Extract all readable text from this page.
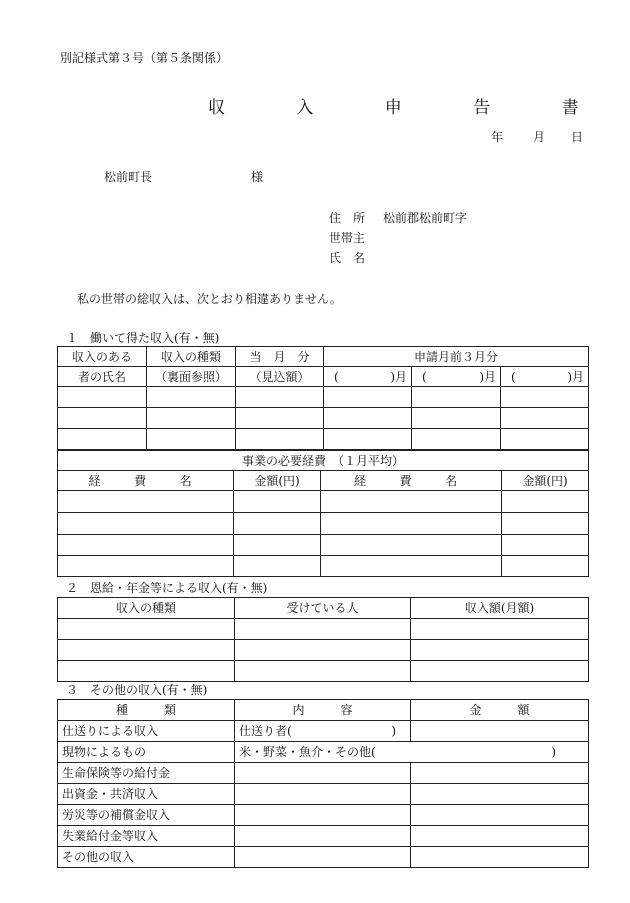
別記様式第３号（第５条関係）
収　入　申　告　書
年 月 日
松前町長	様
住　所 松前郡松前町字
世帯主
氏　名
私の世帯の総収入は、次とおり相違ありません。
１　働いて得た収入(有・無)
収入のある	収入の種類	当　月　分	申請月前３月分		
者の氏名	（裏面参照）	（見込額）	( )月	( )月	( )月

事業の必要経費　（１月平均）			
経　費　名	金額(円)	経　費　名	金額(円)

２　恩給・年金等による収入(有・無)
収入の種類	受けている人	収入額(月額)

３　その他の収入(有・無)
種　　　類	内　　　容	金　　　額
仕送りによる収入	仕送り者( )	

現物によるもの	米・野菜・魚介・その他( )	

生命保険等の給付金		
出資金・共済収入		
労災等の補償金収入		
失業給付金等収入		
その他の収入		
